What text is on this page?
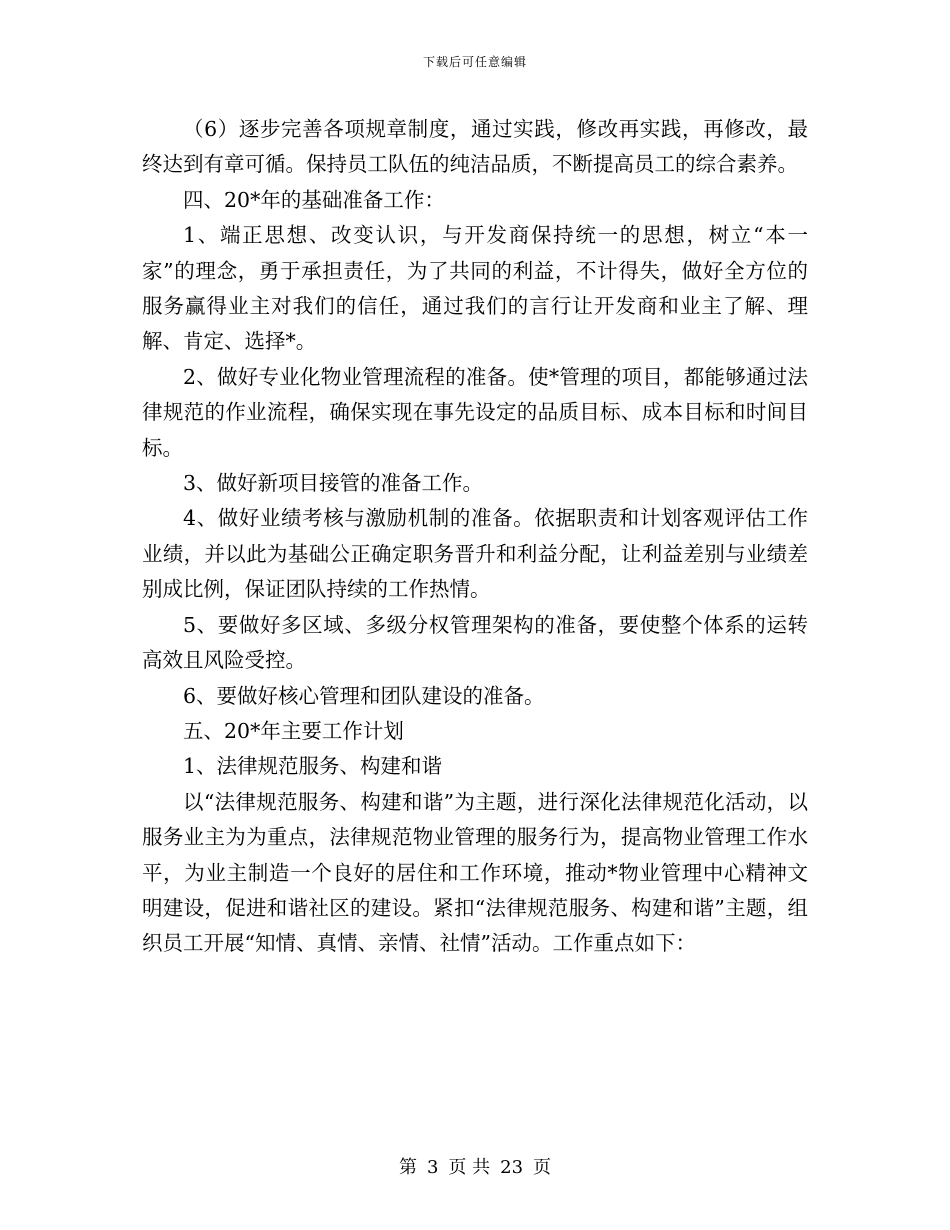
下载后可任意编辑

（6）逐步完善各项规章制度，通过实践，修改再实践，再修改，最终达到有章可循。保持员工队伍的纯洁品质，不断提高员工的综合素养。

四、20*年的基础准备工作：

1、端正思想、改变认识，与开发商保持统一的思想，树立“本一家”的理念，勇于承担责任，为了共同的利益，不计得失，做好全方位的服务赢得业主对我们的信任，通过我们的言行让开发商和业主了解、理解、肯定、选择*。

2、做好专业化物业管理流程的准备。使*管理的项目，都能够通过法律规范的作业流程，确保实现在事先设定的品质目标、成本目标和时间目标。

3、做好新项目接管的准备工作。

4、做好业绩考核与激励机制的准备。依据职责和计划客观评估工作业绩，并以此为基础公正确定职务晋升和利益分配，让利益差别与业绩差别成比例，保证团队持续的工作热情。

5、要做好多区域、多级分权管理架构的准备，要使整个体系的运转高效且风险受控。

6、要做好核心管理和团队建设的准备。

五、20*年主要工作计划

1、法律规范服务、构建和谐

以“法律规范服务、构建和谐”为主题，进行深化法律规范化活动，以服务业主为为重点，法律规范物业管理的服务行为，提高物业管理工作水平，为业主制造一个良好的居住和工作环境，推动*物业管理中心精神文明建设，促进和谐社区的建设。紧扣“法律规范服务、构建和谐”主题，组织员工开展“知情、真情、亲情、社情”活动。工作重点如下：

第 3 页 共 23 页
